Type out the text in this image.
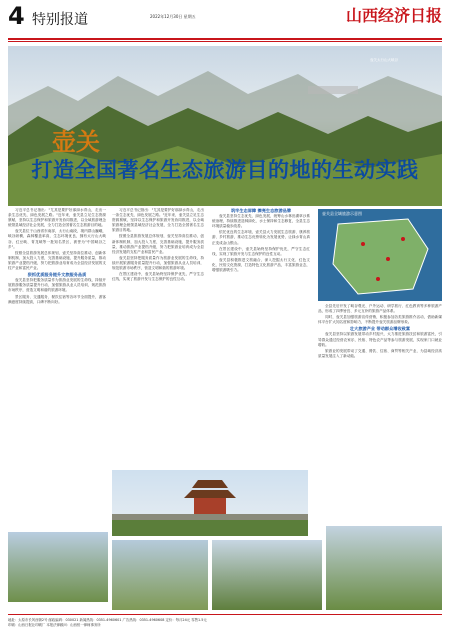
4 特别报道	2022年12月30日 星期五	山西经济日报
壶关太行山大峡谷
壶关
打造全国著名生态旅游目的地的生动实践

习近平总书记指出："尤其是要护好那绿水青山，走出一条生态优先、绿色发展之路。"近年来，壶关县立足生态资源禀赋，坚持以生态保护和旅游开发协同推进，以全域旅游理念统领县域经济社会发展，全力打造全国著名生态旅游目的地。

壶关县位于山西省东南部，太行山南段，境内群山巍峨，峡谷纵横，森林覆盖率高，生态环境优良，拥有太行山大峡谷、红豆峡、青龙峡等一批知名景区，被誉为"中国峡谷之乡"。

按照全县旅游发展总体规划，壶关坚持高位推动，创新体制机制，加大投入力度，完善基础设施，提升服务质量，推动旅游产业提档升级，努力把旅游业培育成为全县经济发展的支柱产业和富民产业。

狠抓优质服务提升文旅服务品质

壶关县坚持把服务质量作为旅游业发展的生命线，持续开展旅游服务质量提升行动，加强旅游从业人员培训，规范旅游市场秩序，营造文明和谐的旅游环境。

景区服务、交通服务、餐饮住宿等各环节全面提升，游客满意度持续提高，口碑不断向好。

习近平总书记指出："尤其是要护好那绿水青山，走出一条生态优先、绿色发展之路。"近年来，壶关县立足生态资源禀赋，坚持以生态保护和旅游开发协同推进，以全域旅游理念统领县域经济社会发展，全力打造全国著名生态旅游目的地。

按照全县旅游发展总体规划，壶关坚持高位推动，创新体制机制，加大投入力度，完善基础设施，提升服务质量，推动旅游产业提档升级，努力把旅游业培育成为全县经济发展的支柱产业和富民产业。

壶关县坚持把服务质量作为旅游业发展的生命线，持续开展旅游服务质量提升行动，加强旅游从业人员培训，规范旅游市场秩序，营造文明和谐的旅游环境。

在景区建设中，壶关县始终坚持保护优先，严守生态红线，实现了旅游开发与生态保护的良性互动。

筑牢生态屏障 擦亮生态旅游品牌

壶关县坚持生态优先、绿色发展，统筹山水林田湖草沙系统治理，持续推进造林绿化、水土保持和生态修复，全县生态环境质量稳步改善。

依托优良的生态环境，壶关县大力发展生态旅游、康养旅游、乡村旅游，推动生态优势转化为发展优势，让绿水青山真正变成金山银山。

在景区建设中，壶关县始终坚持保护优先，严守生态红线，实现了旅游开发与生态保护的良性互动。

壶关县积极推进文旅融合，深入挖掘太行文化、红色文化、民俗文化资源，打造特色文化旅游产品，丰富旅游业态，增强旅游吸引力。

壶关县全域旅游示意图

全县先后开发了峡谷观光、户外运动、研学旅行、红色教育等多种旅游产品，形成了四季皆宜、多元互补的旅游产品体系。

同时，壶关县加强旅游宣传营销，积极参加各类旅游推介活动，借助新媒体平台扩大知名度和影响力，不断提升壶关旅游品牌形象。

壮大旅游产业 带动群众增收致富

壶关县坚持以旅游发展带动乡村振兴，大力推进旅游扶贫和旅游富民，引导群众通过经营农家乐、民宿、特色农产品等参与旅游发展，实现家门口就业增收。

旅游业的发展带动了交通、餐饮、住宿、商贸等相关产业，为县域经济高质量发展注入了新动能。

地址：太原市长风西街2号 邮政编码：030021 新闻热线：0351-4960601 广告热线：0351-4960608 定价：每月24元 零售1.5元
印刷：山西日报社印刷厂 本报法律顾问：山西恒一律师事务所
